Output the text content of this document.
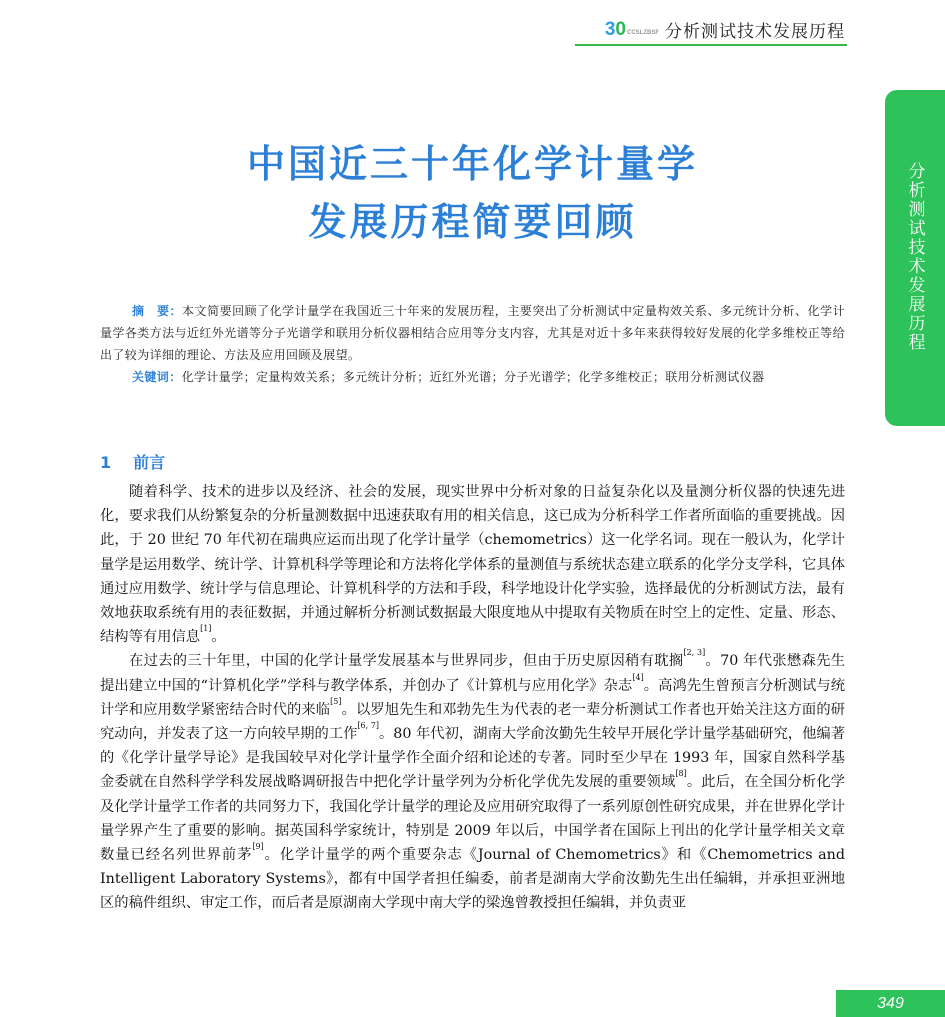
3 0 CCSLZBSF 分析测试技术发展历程
分析测试技术发展历程
中国近三十年化学计量学
发展历程简要回顾

摘　要：本文简要回顾了化学计量学在我国近三十年来的发展历程，主要突出了分析测试中定量构效关系、多元统计分析、化学计量学各类方法与近红外光谱等分子光谱学和联用分析仪器相结合应用等分支内容，尤其是对近十多年来获得较好发展的化学多维校正等给出了较为详细的理论、方法及应用回顾及展望。

关键词：化学计量学；定量构效关系；多元统计分析；近红外光谱；分子光谱学；化学多维校正；联用分析测试仪器

1 前言

随着科学、技术的进步以及经济、社会的发展，现实世界中分析对象的日益复杂化以及量测分析仪器的快速先进化，要求我们从纷繁复杂的分析量测数据中迅速获取有用的相关信息，这已成为分析科学工作者所面临的重要挑战。因此，于 20 世纪 70 年代初在瑞典应运而出现了化学计量学（chemometrics）这一化学名词。现在一般认为，化学计量学是运用数学、统计学、计算机科学等理论和方法将化学体系的量测值与系统状态建立联系的化学分支学科，它具体通过应用数学、统计学与信息理论、计算机科学的方法和手段，科学地设计化学实验，选择最优的分析测试方法，最有效地获取系统有用的表征数据，并通过解析分析测试数据最大限度地从中提取有关物质在时空上的定性、定量、形态、结构等有用信息[1]。

在过去的三十年里，中国的化学计量学发展基本与世界同步，但由于历史原因稍有耽搁[2, 3]。70 年代张懋森先生提出建立中国的“计算机化学”学科与教学体系，并创办了《计算机与应用化学》杂志[4]。高鸿先生曾预言分析测试与统计学和应用数学紧密结合时代的来临[5]。以罗旭先生和邓勃先生为代表的老一辈分析测试工作者也开始关注这方面的研究动向，并发表了这一方向较早期的工作[6, 7]。80 年代初，湖南大学俞汝勤先生较早开展化学计量学基础研究，他编著的《化学计量学导论》是我国较早对化学计量学作全面介绍和论述的专著。同时至少早在 1993 年，国家自然科学基金委就在自然科学学科发展战略调研报告中把化学计量学列为分析化学优先发展的重要领域[8]。此后，在全国分析化学及化学计量学工作者的共同努力下，我国化学计量学的理论及应用研究取得了一系列原创性研究成果，并在世界化学计量学界产生了重要的影响。据英国科学家统计，特别是 2009 年以后，中国学者在国际上刊出的化学计量学相关文章数量已经名列世界前茅[9]。化学计量学的两个重要杂志《Journal of Chemometrics》和《Chemometrics and Intelligent Laboratory Systems》，都有中国学者担任编委，前者是湖南大学俞汝勤先生出任编辑，并承担亚洲地区的稿件组织、审定工作，而后者是原湖南大学现中南大学的梁逸曾教授担任编辑，并负责亚

349
